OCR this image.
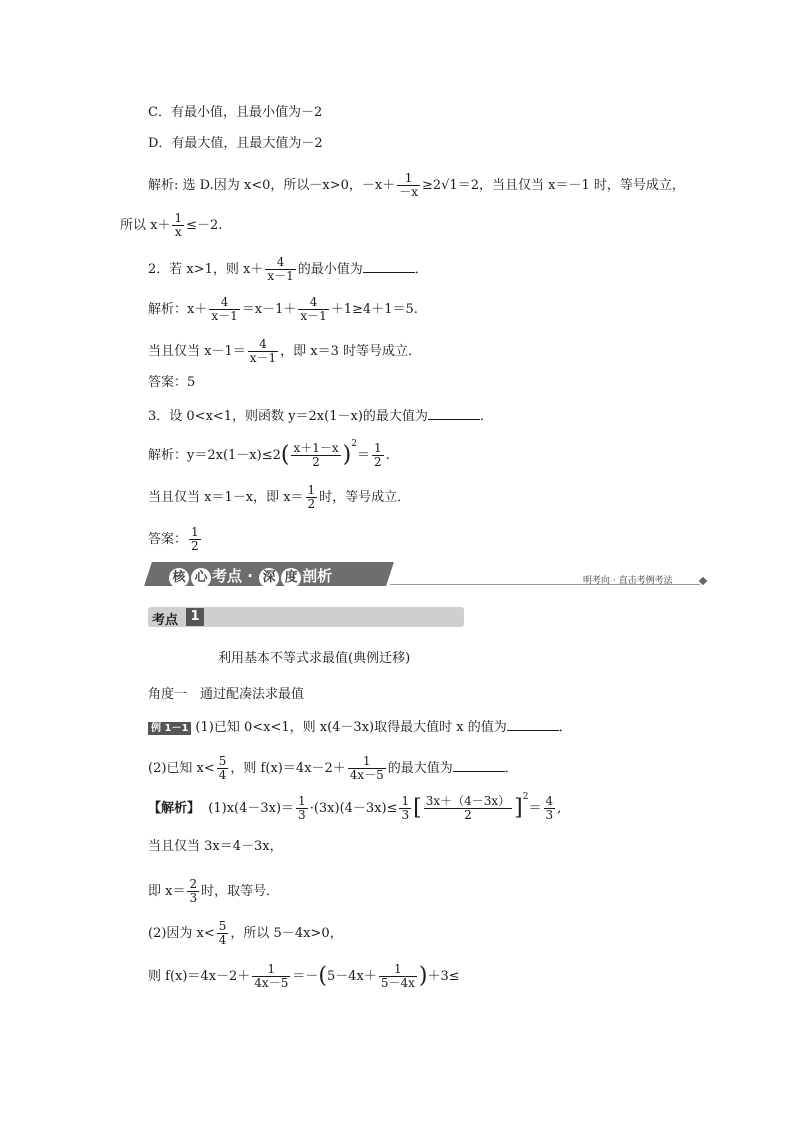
C．有最小值，且最小值为－2
D．有最大值，且最大值为－2
解析: 选 D.因为 x<0，所以－x>0，$-x+ \frac{1}{-x} \ge 2√1=2$，当且仅当 x＝－1 时，等号成立，
所以 $x+ \frac{1}{x} \le-2$.
2．若 x>1，则 $x+ \frac{4}{x-1}$ 的最小值为	．
解析：$x+ \frac{4}{x-1} =x-1+ \frac{4}{x-1} +1\ge 4+1=5$.
当且仅当 $x-1= \frac{4}{x-1}$ ，即 x＝3 时等号成立．
答案：5
3．设 0<x<1，则函数 y＝2x(1－x)的最大值为	．
解析：$y=2x(1-x)\le 2( \frac{x+1-x}{2} )2= \frac{1}{2}$ .
当且仅当 x＝1－x，即 $x= \frac{1}{2}$ 时，等号成立．
答案： $\frac{1}{2}$
核 心 考点 · 深 度 剖析	明考向 · 直击考例考法
考点 1
利用基本不等式求最值(典例迁移)
角度一　通过配凑法求最值
例 1－1 (1)已知 0<x<1，则 x(4－3x)取得最大值时 x 的值为	．
(2)已知 $x< \frac{5}{4}$ ，则 $f(x)=4x-2+ \frac{1}{4x-5}$ 的最大值为	．
【解析】 $(1)x(4-3x)= \frac{1}{3} \cdot(3x)(4-3x)\le \frac{1}{3}$ [ $\frac{3x+(4-3x)}{2} ]2= \frac{4}{3}$ ,
当且仅当 3x＝4－3x，
即 $x= \frac{2}{3}$ 时，取等号．
(2)因为 $x< \frac{5}{4}$ ，所以 5－4x>0，
则 $f(x)=4x-2+ \frac{1}{4x-5} =-(5-4x+ \frac{1}{5-4x} )+3\le$
